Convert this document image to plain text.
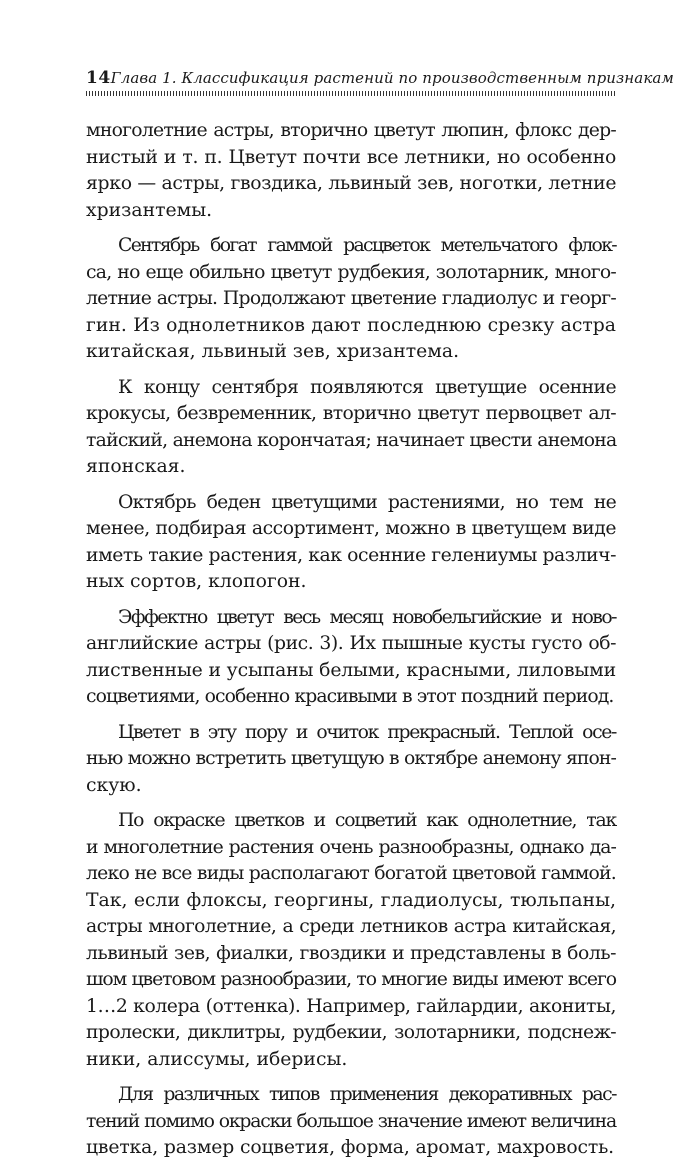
14 Глава 1. Классификация растений по производственным признакам

многолетние астры, вторично цветут люпин, флокс дер-
нистый и т. п. Цветут почти все летники, но особенно
ярко — астры, гвоздика, львиный зев, ноготки, летние
хризантемы.

Сентябрь богат гаммой расцветок метельчатого флок-
са, но еще обильно цветут рудбекия, золотарник, много-
летние астры. Продолжают цветение гладиолус и георг-
гин. Из однолетников дают последнюю срезку астра
китайская, львиный зев, хризантема.

К концу сентября появляются цветущие осенние
крокусы, безвременник, вторично цветут первоцвет ал-
тайский, анемона корончатая; начинает цвести анемона
японская.

Октябрь беден цветущими растениями, но тем не
менее, подбирая ассортимент, можно в цветущем виде
иметь такие растения, как осенние гелениумы различ-
ных сортов, клопогон.

Эффектно цветут весь месяц новобельгийские и ново-
английские астры (рис. 3). Их пышные кусты густо об-
лиственные и усыпаны белыми, красными, лиловыми
соцветиями, особенно красивыми в этот поздний период.

Цветет в эту пору и очиток прекрасный. Теплой осе-
нью можно встретить цветущую в октябре анемону япон-
скую.

По окраске цветков и соцветий как однолетние, так
и многолетние растения очень разнообразны, однако да-
леко не все виды располагают богатой цветовой гаммой.
Так, если флоксы, георгины, гладиолусы, тюльпаны,
астры многолетние, а среди летников астра китайская,
львиный зев, фиалки, гвоздики и представлены в боль-
шом цветовом разнообразии, то многие виды имеют всего
1…2 колера (оттенка). Например, гайлардии, акониты,
пролески, диклитры, рудбекии, золотарники, подснеж-
ники, алиссумы, иберисы.

Для различных типов применения декоративных рас-
тений помимо окраски большое значение имеют величина
цветка, размер соцветия, форма, аромат, махровость.
